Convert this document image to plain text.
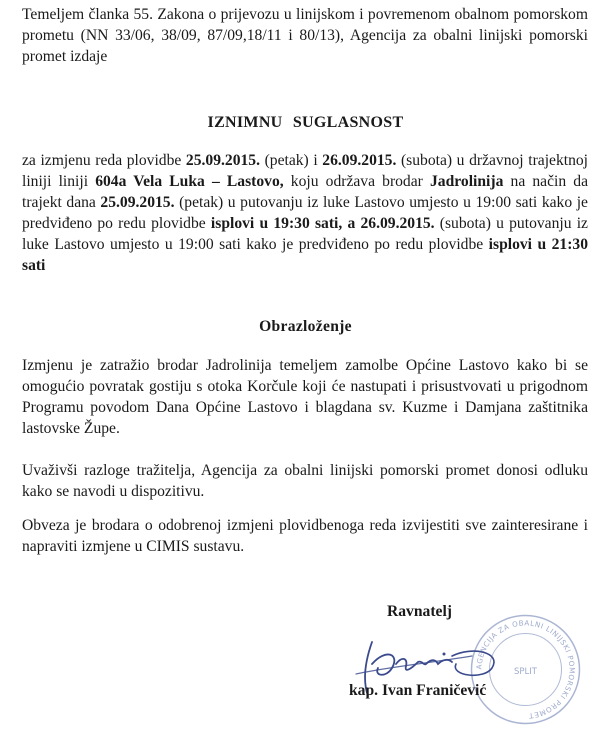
Temeljem članka 55. Zakona o prijevozu u linijskom i povremenom obalnom pomorskom prometu (NN 33/06, 38/09, 87/09,18/11 i 80/13), Agencija za obalni linijski pomorski promet izdaje

IZNIMNU SUGLASNOST

za izmjenu reda plovidbe 25.09.2015. (petak) i 26.09.2015. (subota) u državnoj trajektnoj liniji liniji 604a Vela Luka – Lastovo, koju održava brodar Jadrolinija na način da trajekt dana 25.09.2015. (petak) u putovanju iz luke Lastovo umjesto u 19:00 sati kako je predviđeno po redu plovidbe isplovi u 19:30 sati, a 26.09.2015. (subota) u putovanju iz luke Lastovo umjesto u 19:00 sati kako je predviđeno po redu plovidbe isplovi u 21:30 sati

Obrazloženje

Izmjenu je zatražio brodar Jadrolinija temeljem zamolbe Općine Lastovo kako bi se omogućio povratak gostiju s otoka Korčule koji će nastupati i prisustvovati u prigodnom Programu povodom Dana Općine Lastovo i blagdana sv. Kuzme i Damjana zaštitnika lastovske Župe.

Uvaživši razloge tražitelja, Agencija za obalni linijski pomorski promet donosi odluku kako se navodi u dispozitivu.

Obveza je brodara o odobrenoj izmjeni plovidbenoga reda izvijestiti sve zainteresirane i napraviti izmjene u CIMIS sustavu.

Ravnatelj

AGENCIJA ZA OBALNI LINIJSKI POMORSKI PROMET
SPLIT

kap. Ivan Franičević
